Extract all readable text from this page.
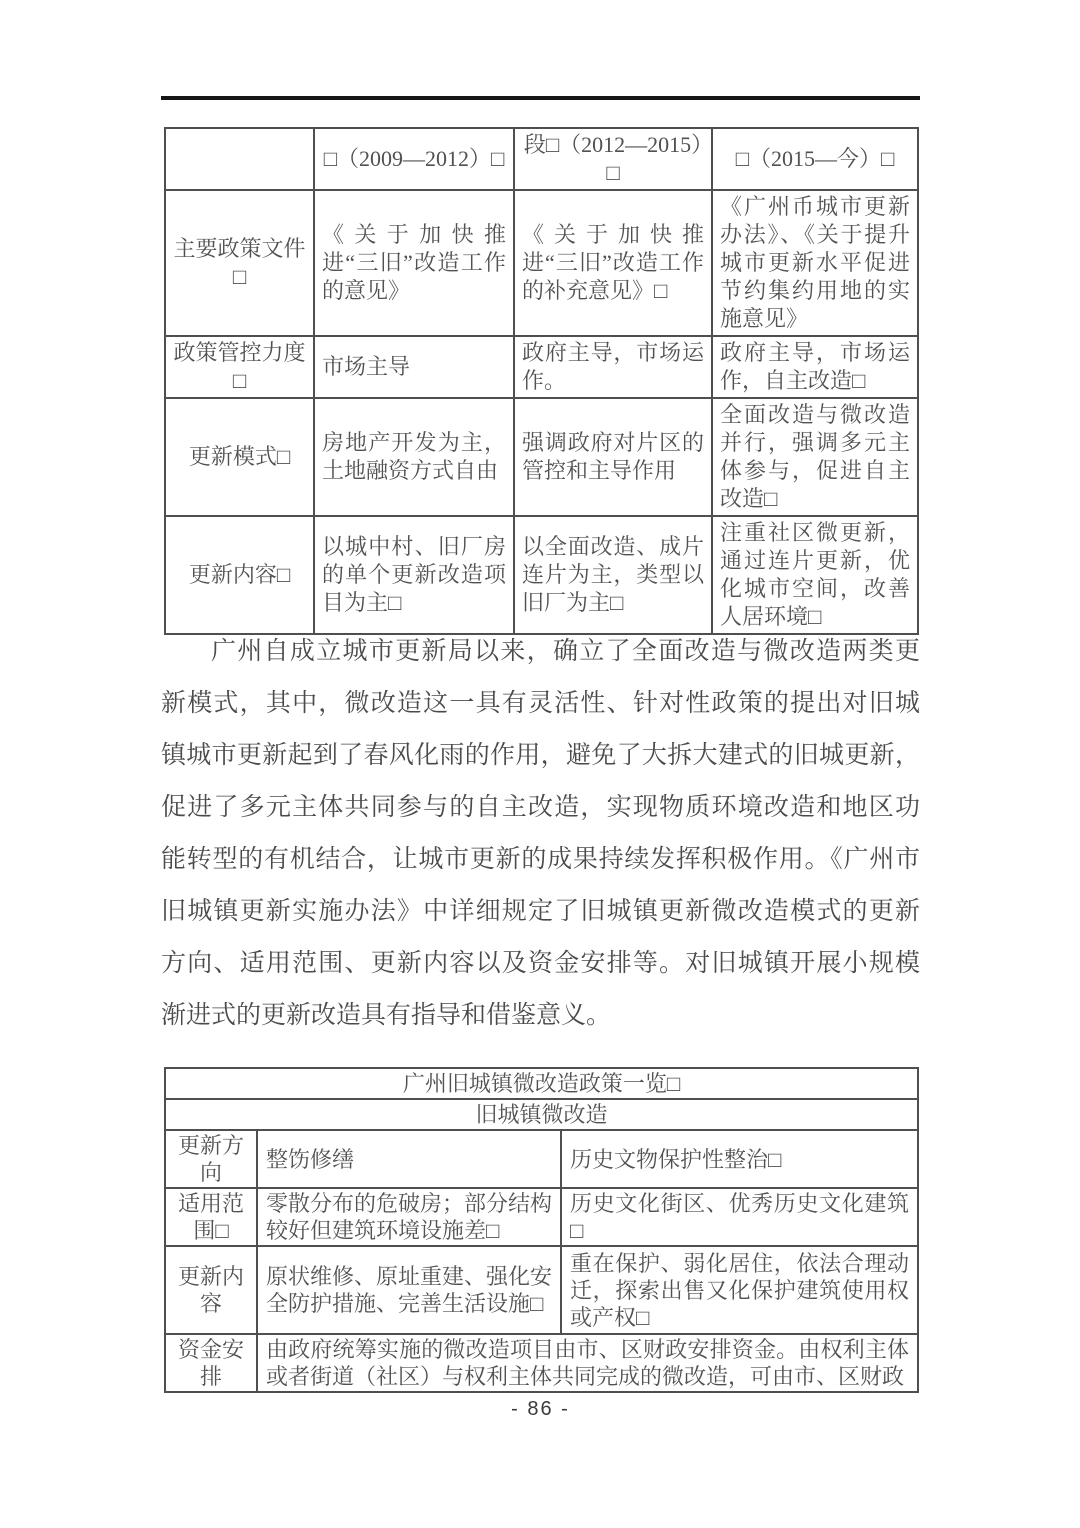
	□（2009—2012）□	段□（2012—2015）□	□（2015—今）□
主要政策文件□	《关于加快推进“三旧”改造工作的意见》	《关于加快推进“三旧”改造工作的补充意见》□	《广州币城市更新办法》、《关于提升城市更新水平促进节约集约用地的实施意见》
政策管控力度□	市场主导	政府主导，市场运作。	政府主导，市场运作，自主改造□
更新模式□	房地产开发为主，土地融资方式自由	强调政府对片区的管控和主导作用	全面改造与微改造并行，强调多元主体参与，促进自主改造□
更新内容□	以城中村、旧厂房的单个更新改造项目为主□	以全面改造、成片连片为主，类型以旧厂为主□	注重社区微更新，通过连片更新，优化城市空间，改善人居环境□
广州自成立城市更新局以来，确立了全面改造与微改造两类更
新模式，其中，微改造这一具有灵活性、针对性政策的提出对旧城
镇城市更新起到了春风化雨的作用，避免了大拆大建式的旧城更新，
促进了多元主体共同参与的自主改造，实现物质环境改造和地区功
能转型的有机结合，让城市更新的成果持续发挥积极作用。《广州市
旧城镇更新实施办法》中详细规定了旧城镇更新微改造模式的更新
方向、适用范围、更新内容以及资金安排等。对旧城镇开展小规模
渐进式的更新改造具有指导和借鉴意义。
广州旧城镇微改造政策一览□		
旧城镇微改造		
更新方向	整饬修缮	历史文物保护性整治□
适用范围□	零散分布的危破房；部分结构较好但建筑环境设施差□	历史文化街区、优秀历史文化建筑□
更新内容	原状维修、原址重建、强化安全防护措施、完善生活设施□	重在保护、弱化居住，依法合理动迁，探索出售又化保护建筑使用权或产权□
资金安排	由政府统筹实施的微改造项目由市、区财政安排资金。由权利主体或者街道（社区）与权利主体共同完成的微改造，可由市、区财政	
- 86 -
